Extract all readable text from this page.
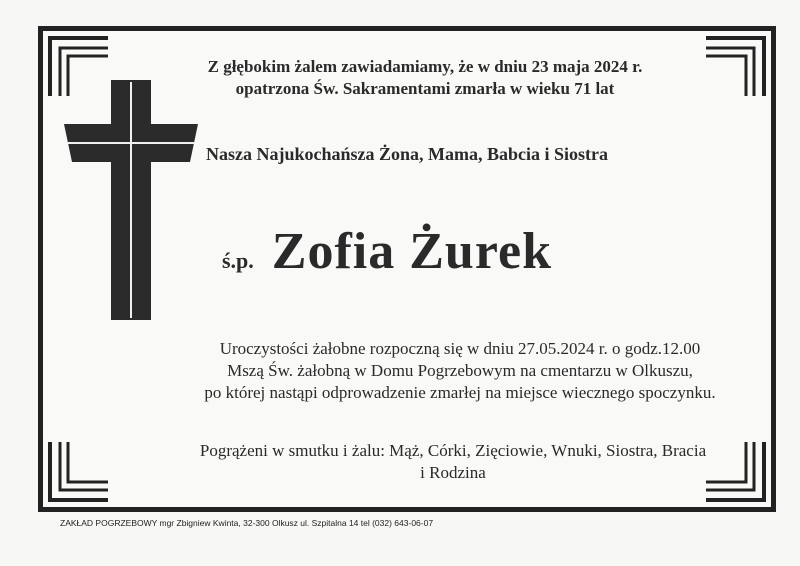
Z głębokim żalem zawiadamiamy, że w dniu 23 maja 2024 r.
opatrzona Św. Sakramentami zmarła w wieku 71 lat
Nasza Najukochańsza Żona, Mama, Babcia i Siostra
ś.p. Zofia Żurek
Uroczystości żałobne rozpoczną się w dniu 27.05.2024 r. o godz.12.00
Mszą Św. żałobną w Domu Pogrzebowym na cmentarzu w Olkuszu,
po której nastąpi odprowadzenie zmarłej na miejsce wiecznego spoczynku.
Pogrążeni w smutku i żalu: Mąż, Córki, Zięciowie, Wnuki, Siostra, Bracia
i Rodzina
ZAKŁAD POGRZEBOWY mgr Zbigniew Kwinta, 32-300 Olkusz ul. Szpitalna 14 tel (032) 643-06-07
